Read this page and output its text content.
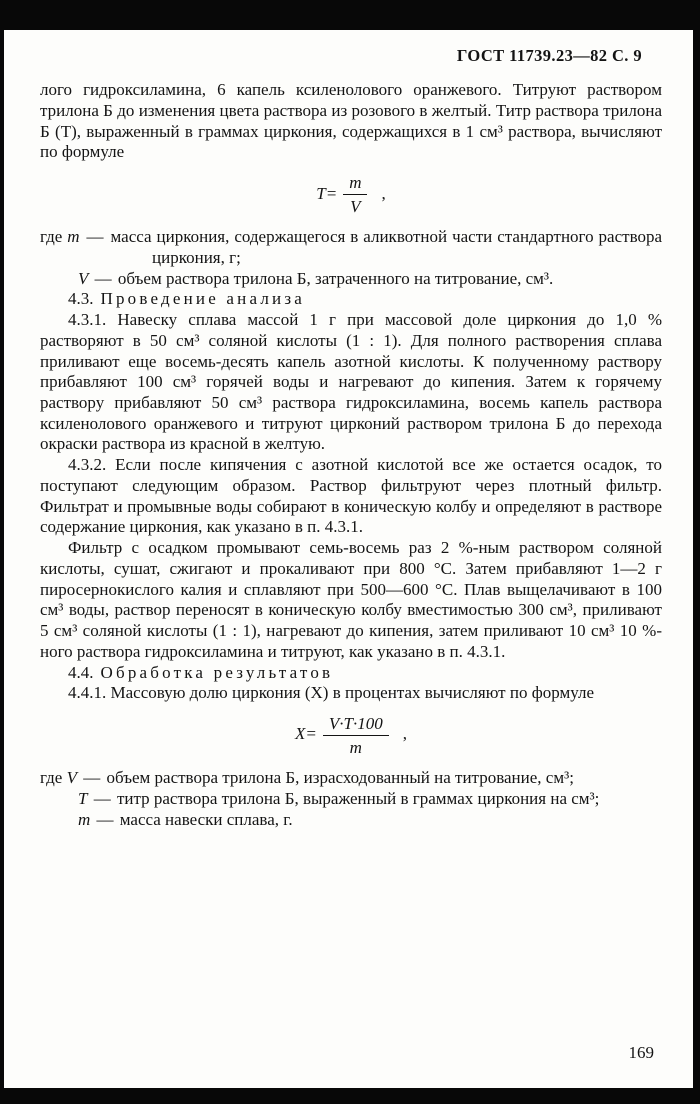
ГОСТ 11739.23—82 С. 9

лого гидроксиламина, 6 капель ксиленолового оранжевого. Титруют раствором трилона Б до изменения цвета раствора из розового в желтый. Титр раствора трилона Б (Т), выраженный в граммах циркония, содержащихся в 1 см³ раствора, вычисляют по формуле

$T= \frac{m}{V}$ ,

где m — масса циркония, содержащегося в аликвотной части стандартного раствора циркония, г;

V — объем раствора трилона Б, затраченного на титрование, см³.

4.3. Проведение анализа

4.3.1. Навеску сплава массой 1 г при массовой доле циркония до 1,0 % растворяют в 50 см³ соляной кислоты (1 : 1). Для полного растворения сплава приливают еще восемь-десять капель азотной кислоты. К полученному раствору прибавляют 100 см³ горячей воды и нагревают до кипения. Затем к горячему раствору прибавляют 50 см³ раствора гидроксиламина, восемь капель раствора ксиленолового оранжевого и титруют цирконий раствором трилона Б до перехода окраски раствора из красной в желтую.

4.3.2. Если после кипячения с азотной кислотой все же остается осадок, то поступают следующим образом. Раствор фильтруют через плотный фильтр. Фильтрат и промывные воды собирают в коническую колбу и определяют в растворе содержание циркония, как указано в п. 4.3.1.

Фильтр с осадком промывают семь-восемь раз 2 %-ным раствором соляной кислоты, сушат, сжигают и прокаливают при 800 °С. Затем прибавляют 1—2 г пиросернокислого калия и сплавляют при 500—600 °С. Плав выщелачивают в 100 см³ воды, раствор переносят в коническую колбу вместимостью 300 см³, приливают 5 см³ соляной кислоты (1 : 1), нагревают до кипения, затем приливают 10 см³ 10 %-ного раствора гидроксиламина и титруют, как указано в п. 4.3.1.

4.4. Обработка результатов

4.4.1. Массовую долю циркония (X) в процентах вычисляют по формуле

$X= \frac{V\cdot T\cdot 100}{m}$ ,

где V — объем раствора трилона Б, израсходованный на титрование, см³;

Т — титр раствора трилона Б, выраженный в граммах циркония на см³;

m — масса навески сплава, г.

169
